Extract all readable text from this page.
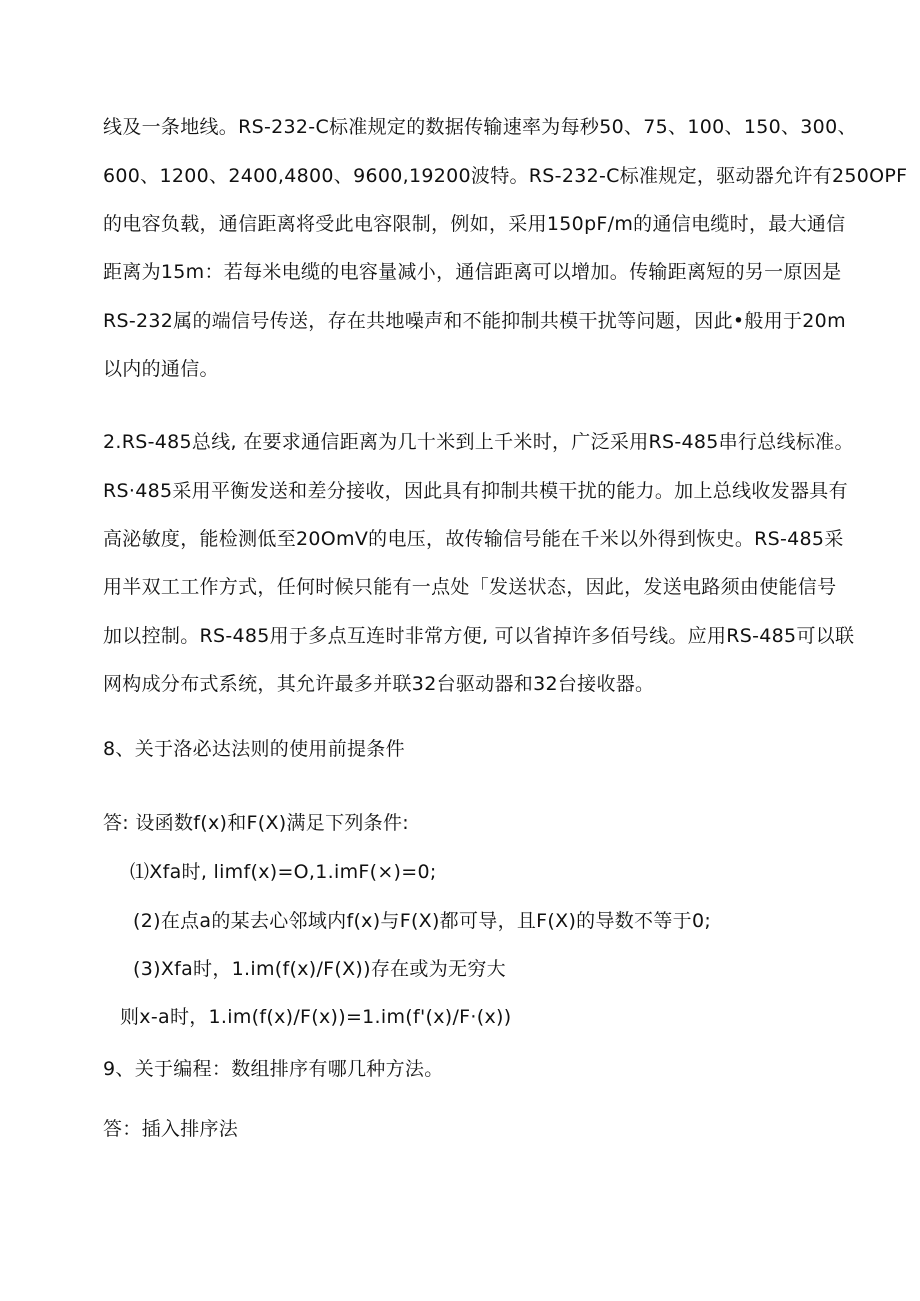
线及一条地线。RS-232-C标准规定的数据传输速率为每秒50、75、100、150、300、
600、1200、2400,4800、9600,19200波特。RS-232-C标准规定，驱动器允许有250OPF
的电容负载，通信距离将受此电容限制，例如，采用150pF/m的通信电缆时，最大通信
距离为15m：若每米电缆的电容量减小，通信距离可以增加。传输距离短的另一原因是
RS-232属的端信号传送，存在共地噪声和不能抑制共模干扰等问题，因此•般用于20m
以内的通信。
2.RS-485总线, 在要求通信距离为几十米到上千米时，广泛采用RS-485串行总线标准。
RS·485采用平衡发送和差分接收，因此具有抑制共模干扰的能力。加上总线收发器具有
高泌敏度，能检测低至20OmV的电压，故传输信号能在千米以外得到恢史。RS-485采
用半双工工作方式，任何时候只能有一点处「发送状态，因此，发送电路须由使能信号
加以控制。RS-485用于多点互连时非常方便, 可以省掉许多佰号线。应用RS-485可以联
网构成分布式系统，其允许最多并联32台驱动器和32台接收器。
8、关于洛必达法则的使用前提条件
答: 设函数f(x)和F(X)满足下列条件:
⑴Xfa时, limf(x)=O,1.imF(×)=0;
(2)在点a的某去心邻域内f(x)与F(X)都可导，且F(X)的导数不等于0;
(3)Xfa时，1.im(f(x)/F(X))存在或为无穷大
则x-a时，1.im(f(x)/F(x))=1.im(f'(x)/F·(x))
9、关于编程：数组排序有哪几种方法。
答：插入排序法
